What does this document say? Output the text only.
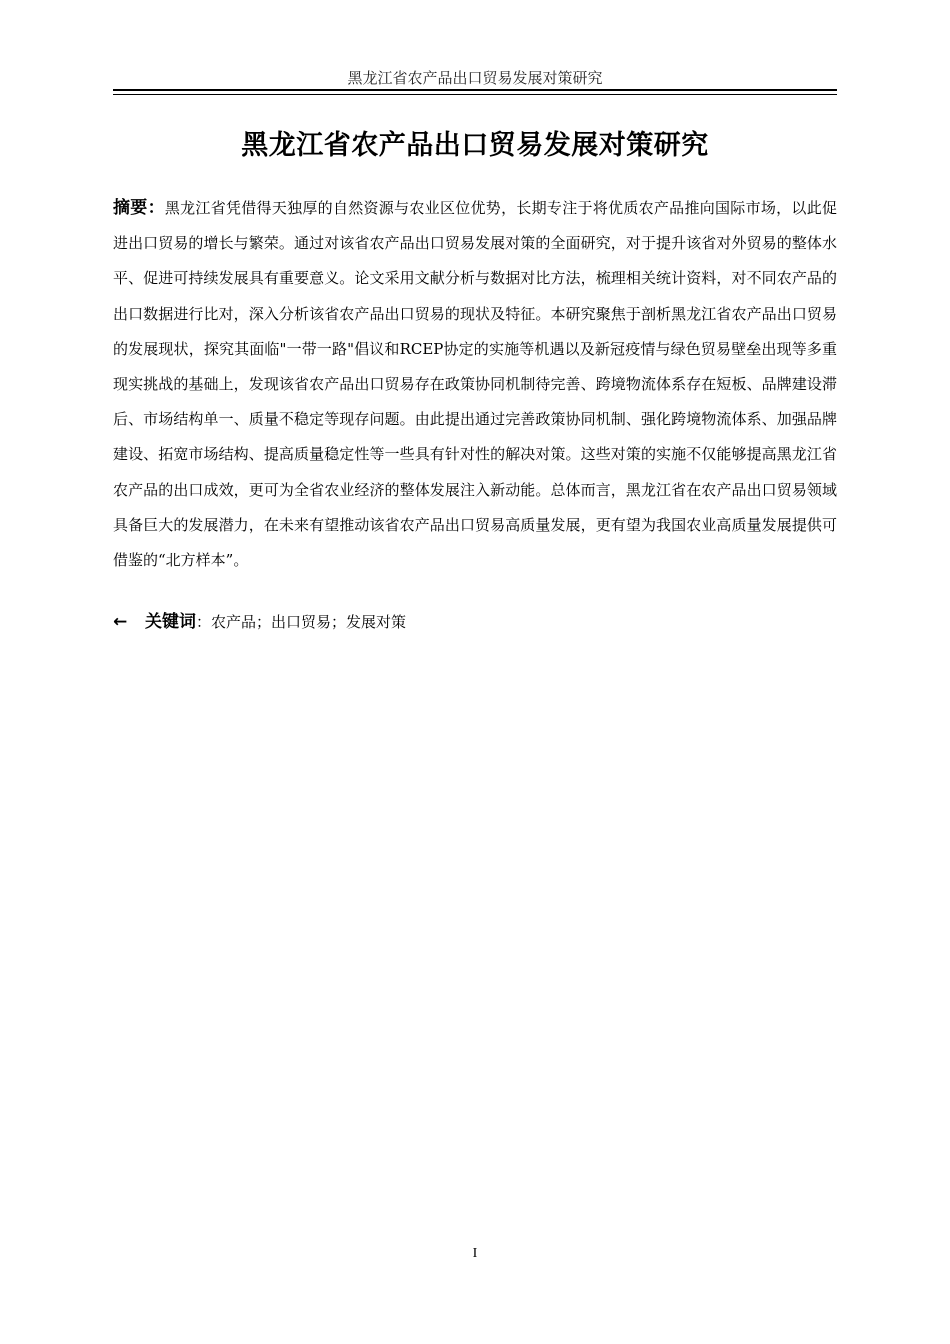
黑龙江省农产品出口贸易发展对策研究
黑龙江省农产品出口贸易发展对策研究
摘要：黑龙江省凭借得天独厚的自然资源与农业区位优势，长期专注于将优质农产品推向国际市场，以此促进出口贸易的增长与繁荣。通过对该省农产品出口贸易发展对策的全面研究，对于提升该省对外贸易的整体水平、促进可持续发展具有重要意义。论文采用文献分析与数据对比方法，梳理相关统计资料，对不同农产品的出口数据进行比对，深入分析该省农产品出口贸易的现状及特征。本研究聚焦于剖析黑龙江省农产品出口贸易的发展现状，探究其面临"一带一路"倡议和RCEP协定的实施等机遇以及新冠疫情与绿色贸易壁垒出现等多重现实挑战的基础上，发现该省农产品出口贸易存在政策协同机制待完善、跨境物流体系存在短板、品牌建设滞后、市场结构单一、质量不稳定等现存问题。由此提出通过完善政策协同机制、强化跨境物流体系、加强品牌建设、拓宽市场结构、提高质量稳定性等一些具有针对性的解决对策。这些对策的实施不仅能够提高黑龙江省农产品的出口成效，更可为全省农业经济的整体发展注入新动能。总体而言，黑龙江省在农产品出口贸易领域具备巨大的发展潜力，在未来有望推动该省农产品出口贸易高质量发展，更有望为我国农业高质量发展提供可借鉴的“北方样本”。
← 关键词：农产品；出口贸易；发展对策
I
